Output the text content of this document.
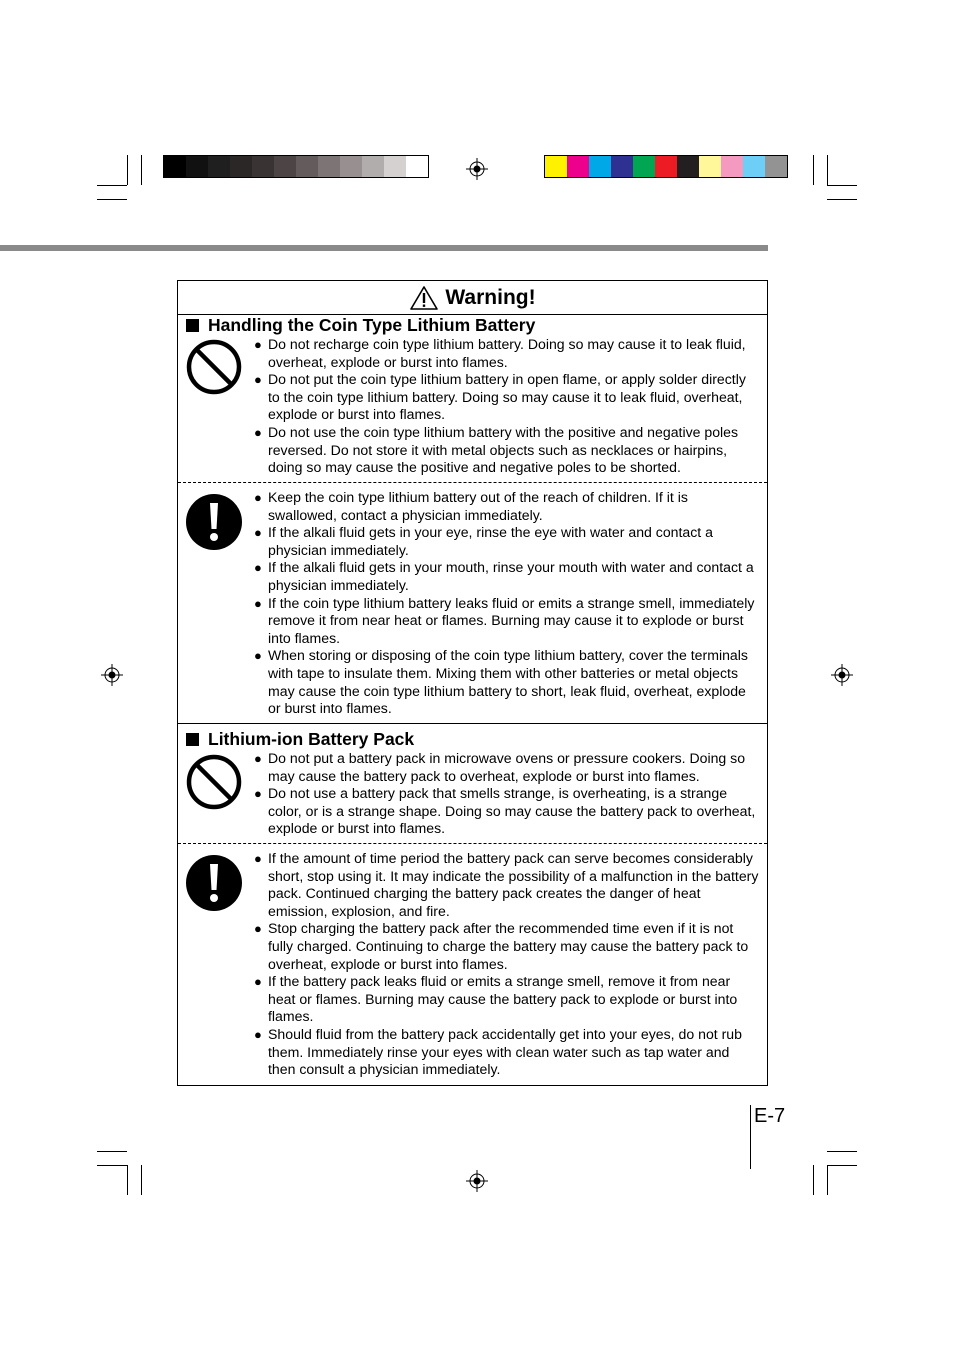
Warning!
Handling the Coin Type Lithium Battery
● Do not recharge coin type lithium battery. Doing so may cause it to leak fluid, overheat, explode or burst into flames.
● Do not put the coin type lithium battery in open flame, or apply solder directly to the coin type lithium battery. Doing so may cause it to leak fluid, overheat, explode or burst into flames.
● Do not use the coin type lithium battery with the positive and negative poles reversed. Do not store it with metal objects such as necklaces or hairpins, doing so may cause the positive and negative poles to be shorted.
● Keep the coin type lithium battery out of the reach of children. If it is swallowed, contact a physician immediately.
● If the alkali fluid gets in your eye, rinse the eye with water and contact a physician immediately.
● If the alkali fluid gets in your mouth, rinse your mouth with water and contact a physician immediately.
● If the coin type lithium battery leaks fluid or emits a strange smell, immediately remove it from near heat or flames. Burning may cause it to explode or burst into flames.
● When storing or disposing of the coin type lithium battery, cover the terminals with tape to insulate them. Mixing them with other batteries or metal objects may cause the coin type lithium battery to short, leak fluid, overheat, explode or burst into flames.
Lithium-ion Battery Pack
● Do not put a battery pack in microwave ovens or pressure cookers. Doing so may cause the battery pack to overheat, explode or burst into flames.
● Do not use a battery pack that smells strange, is overheating, is a strange color, or is a strange shape. Doing so may cause the battery pack to overheat, explode or burst into flames.
● If the amount of time period the battery pack can serve becomes considerably short, stop using it. It may indicate the possibility of a malfunction in the battery pack. Continued charging the battery pack creates the danger of heat emission, explosion, and fire.
● Stop charging the battery pack after the recommended time even if it is not fully charged. Continuing to charge the battery may cause the battery pack to overheat, explode or burst into flames.
● If the battery pack leaks fluid or emits a strange smell, remove it from near heat or flames. Burning may cause the battery pack to explode or burst into flames.
● Should fluid from the battery pack accidentally get into your eyes, do not rub them. Immediately rinse your eyes with clean water such as tap water and then consult a physician immediately.
E-7
